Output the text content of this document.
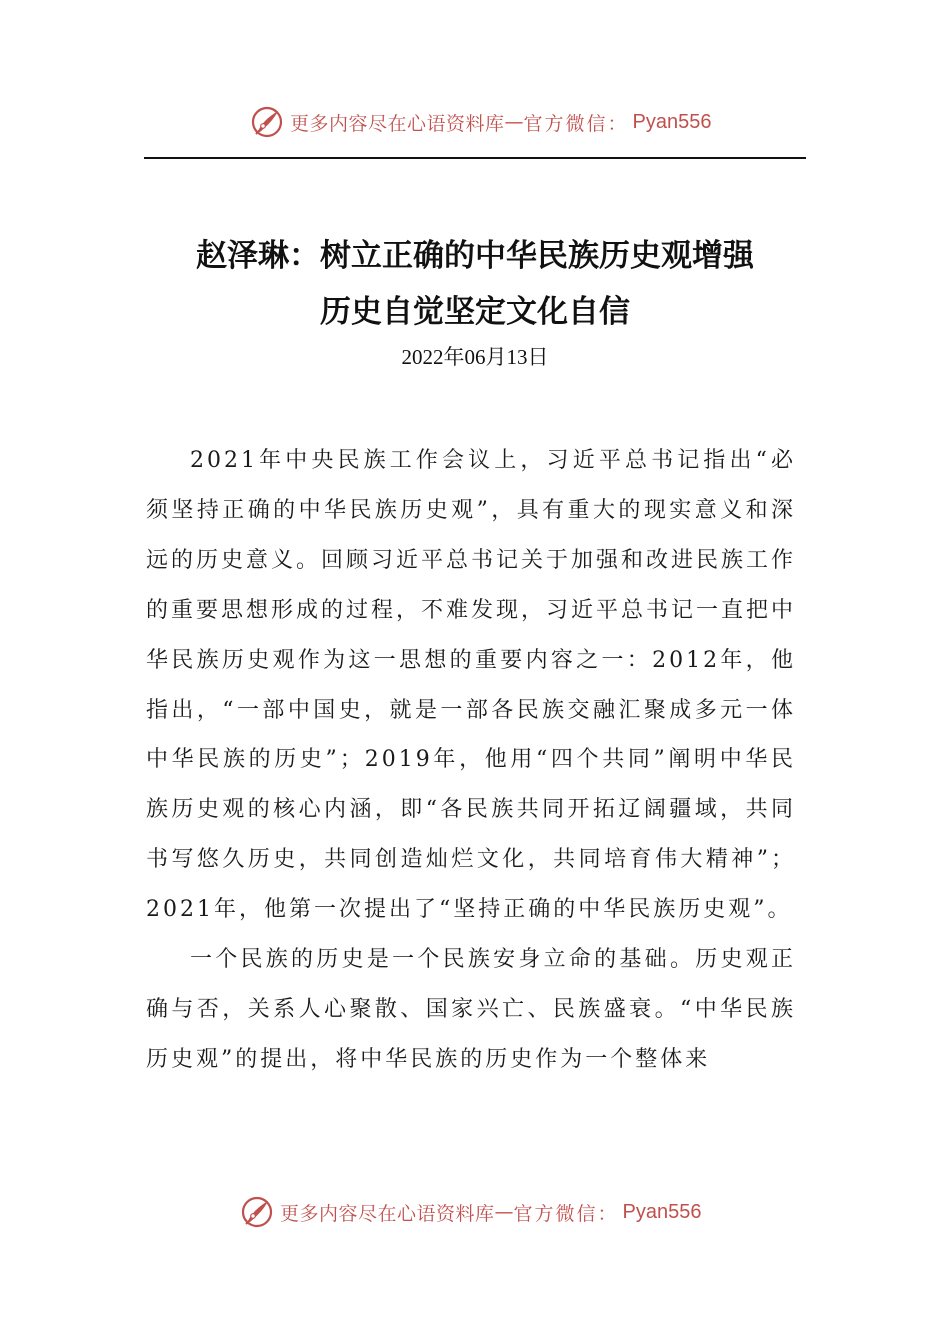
更多内容尽在心语资料库 — 官方微信： Pyan556
赵泽琳：树立正确的中华民族历史观增强
历史自觉坚定文化自信
2022年06月13日

2021年中央民族工作会议上，习近平总书记指出“必须坚持正确的中华民族历史观”，具有重大的现实意义和深远的历史意义。回顾习近平总书记关于加强和改进民族工作的重要思想形成的过程，不难发现，习近平总书记一直把中华民族历史观作为这一思想的重要内容之一：2012年，他指出，“一部中国史，就是一部各民族交融汇聚成多元一体中华民族的历史”；2019年，他用“四个共同”阐明中华民族历史观的核心内涵，即“各民族共同开拓辽阔疆域，共同书写悠久历史，共同创造灿烂文化，共同培育伟大精神”；2021年，他第一次提出了“坚持正确的中华民族历史观”。

一个民族的历史是一个民族安身立命的基础。历史观正确与否，关系人心聚散、国家兴亡、民族盛衰。“中华民族历史观”的提出，将中华民族的历史作为一个整体来

更多内容尽在心语资料库 — 官方微信： Pyan556
